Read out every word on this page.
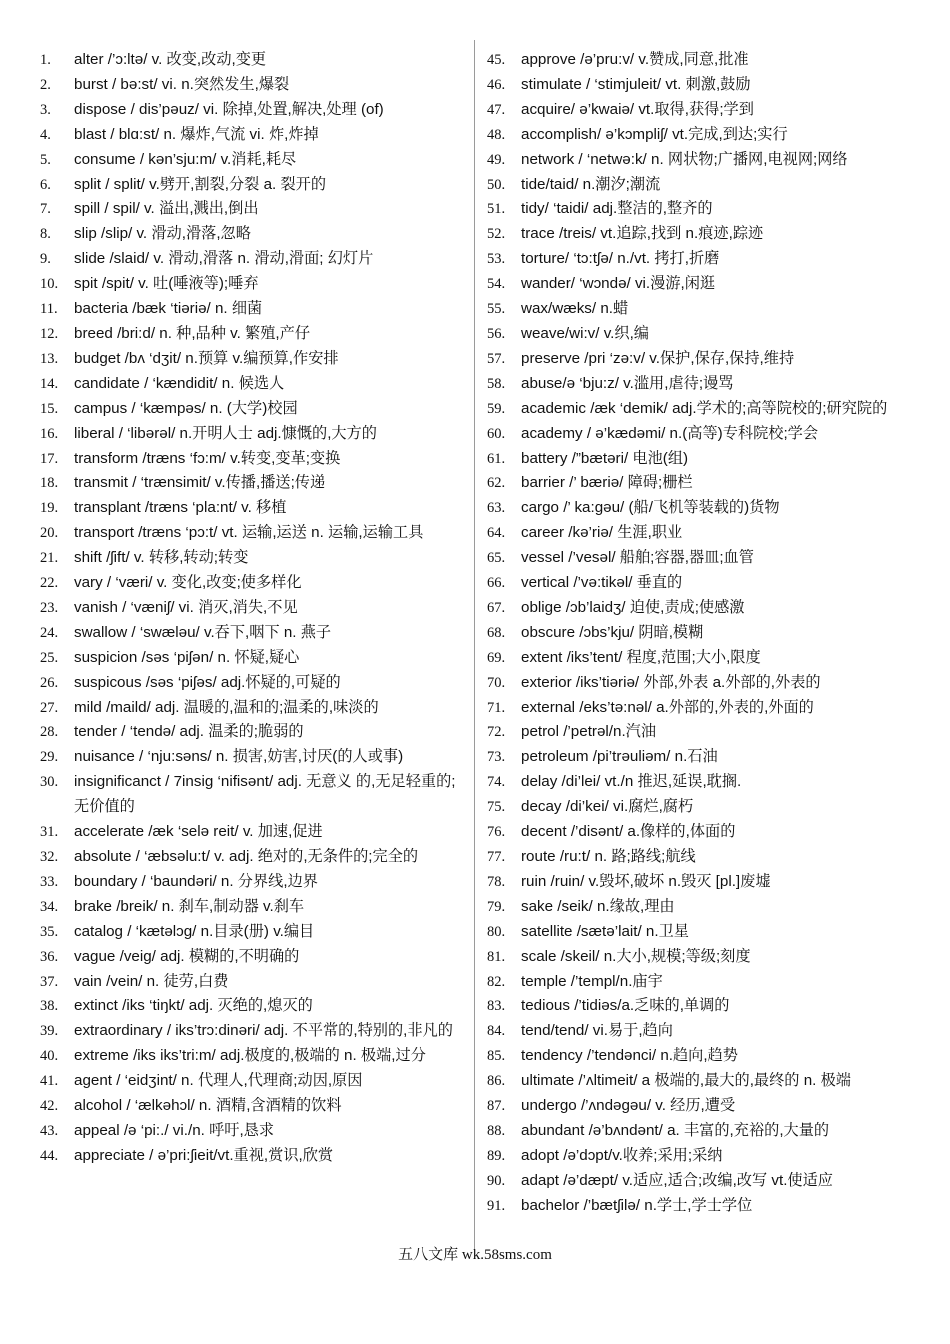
1.	alter /’ɔ:ltə/ v. 改变,改动,变更
2.	burst / bə:st/ vi. n.突然发生,爆裂
3.	dispose / dis’pəuz/ vi. 除掉,处置,解决,处理 (of)
4.	blast / blɑ:st/ n. 爆炸,气流 vi. 炸,炸掉
5.	consume / kən’sju:m/ v.消耗,耗尽
6.	split / split/ v.劈开,割裂,分裂 a. 裂开的
7.	spill / spil/ v. 溢出,溅出,倒出
8.	slip /slip/ v. 滑动,滑落,忽略
9.	slide /slaid/ v. 滑动,滑落 n. 滑动,滑面; 幻灯片
10.	spit /spit/ v. 吐(唾液等);唾弃
11.	bacteria /bæk ‘tiəriə/ n. 细菌
12.	breed /bri:d/ n. 种,品种 v. 繁殖,产仔
13.	budget /bʌ ‘dʒit/ n.预算 v.编预算,作安排
14.	candidate / ‘kændidit/ n. 候选人
15.	campus / ‘kæmpəs/ n. (大学)校园
16.	liberal / ‘libərəl/ n.开明人士 adj.慷慨的,大方的
17.	transform /træns ‘fɔ:m/ v.转变,变革;变换
18.	transmit / ‘trænsimit/ v.传播,播送;传递
19.	transplant /træns ‘pla:nt/ v. 移植
20.	transport /træns ‘pɔ:t/ vt. 运输,运送 n. 运输,运输工具
21.	shift /ʃift/ v. 转移,转动;转变
22.	vary / ‘væri/ v. 变化,改变;使多样化
23.	vanish / ‘væniʃ/ vi. 消灭,消失,不见
24.	swallow / ‘swæləu/ v.吞下,咽下 n. 燕子
25.	suspicion /səs ‘piʃən/ n. 怀疑,疑心
26.	suspicous /səs ‘piʃəs/ adj.怀疑的,可疑的
27.	mild /maild/ adj. 温暖的,温和的;温柔的,味淡的
28.	tender / ‘tendə/ adj. 温柔的;脆弱的
29.	nuisance / ‘nju:səns/ n. 损害,妨害,讨厌(的人或事)
30.	insignificanct / 7insig ‘nifisənt/ adj. 无意义 的,无足轻重的;无价值的
31.	accelerate /æk ‘selə reit/ v. 加速,促进
32.	absolute / ‘æbsəlu:t/ v. adj. 绝对的,无条件的;完全的
33.	boundary / ‘baundəri/ n. 分界线,边界
34.	brake /breik/ n. 刹车,制动器 v.刹车
35.	catalog / ‘kætəlɔg/ n.目录(册) v.编目
36.	vague /veig/ adj. 模糊的,不明确的
37.	vain /vein/ n. 徒劳,白费
38.	extinct /iks ‘tiŋkt/ adj. 灭绝的,熄灭的
39.	extraordinary / iks’trɔ:dinəri/ adj. 不平常的,特别的,非凡的
40.	extreme /iks iks’tri:m/ adj.极度的,极端的 n. 极端,过分
41.	agent / ‘eidʒint/ n. 代理人,代理商;动因,原因
42.	alcohol / ‘ælkəhɔl/ n. 酒精,含酒精的饮料
43.	appeal /ə ‘pi:./ vi./n. 呼吁,恳求
44.	appreciate / ə’pri:ʃieit/vt.重视,赏识,欣赏
45.	approve /ə’pru:v/ v.赞成,同意,批准
46.	stimulate / ‘stimjuleit/ vt. 刺激,鼓励
47.	acquire/ ə’kwaiə/ vt.取得,获得;学到
48.	accomplish/ ə’kɔmpliʃ/ vt.完成,到达;实行
49.	network / ‘netwə:k/ n. 网状物;广播网,电视网;网络
50.	tide/taid/ n.潮汐;潮流
51.	tidy/ ‘taidi/ adj.整洁的,整齐的
52.	trace /treis/ vt.追踪,找到 n.痕迹,踪迹
53.	torture/ ‘tɔ:tʃə/ n./vt. 拷打,折磨
54.	wander/ ‘wɔndə/ vi.漫游,闲逛
55.	wax/wæks/ n.蜡
56.	weave/wi:v/ v.织,编
57.	preserve /pri ‘zə:v/ v.保护,保存,保持,维持
58.	abuse/ə ‘bju:z/ v.滥用,虐待;谩骂
59.	academic /æk ‘demik/ adj.学术的;高等院校的;研究院的
60.	academy / ə’kædəmi/ n.(高等)专科院校;学会
61.	battery /”bætəri/ 电池(组)
62.	barrier /’ bæriə/ 障碍;栅栏
63.	cargo /’ ka:gəu/ (船/飞机等装载的)货物
64.	career /kə’riə/ 生涯,职业
65.	vessel /’vesəl/ 船舶;容器,器皿;血管
66.	vertical /’və:tikəl/ 垂直的
67.	oblige /ɔb’laidʒ/ 迫使,责成;使感激
68.	obscure /ɔbs’kju/ 阴暗,模糊
69.	extent /iks’tent/ 程度,范围;大小,限度
70.	exterior /iks’tiəriə/ 外部,外表 a.外部的,外表的
71.	external /eks’tə:nəl/ a.外部的,外表的,外面的
72.	petrol /’petrəl/n.汽油
73.	petroleum /pi’trəuliəm/ n.石油
74.	delay /di’lei/ vt./n 推迟,延误,耽搁.
75.	decay /di’kei/ vi.腐烂,腐朽
76.	decent /’disənt/ a.像样的,体面的
77.	route /ru:t/ n. 路;路线;航线
78.	ruin /ruin/ v.毁坏,破坏 n.毁灭 [pl.]废墟
79.	sake /seik/ n.缘故,理由
80.	satellite /sætə’lait/ n.卫星
81.	scale /skeil/ n.大小,规模;等级;刻度
82.	temple /’templ/n.庙宇
83.	tedious /’tidiəs/a.乏味的,单调的
84.	tend/tend/ vi.易于,趋向
85.	tendency /’tendənci/ n.趋向,趋势
86.	ultimate /’ʌltimeit/ a 极端的,最大的,最终的 n. 极端
87.	undergo /’ʌndəgəu/ v. 经历,遭受
88.	abundant /ə’bʌndənt/ a. 丰富的,充裕的,大量的
89.	adopt /ə’dɔpt/v.收养;采用;采纳
90.	adapt /ə’dæpt/ v.适应,适合;改编,改写 vt.使适应
91.	bachelor /’bætʃilə/ n.学士,学士学位
五八文库 wk.58sms.com
